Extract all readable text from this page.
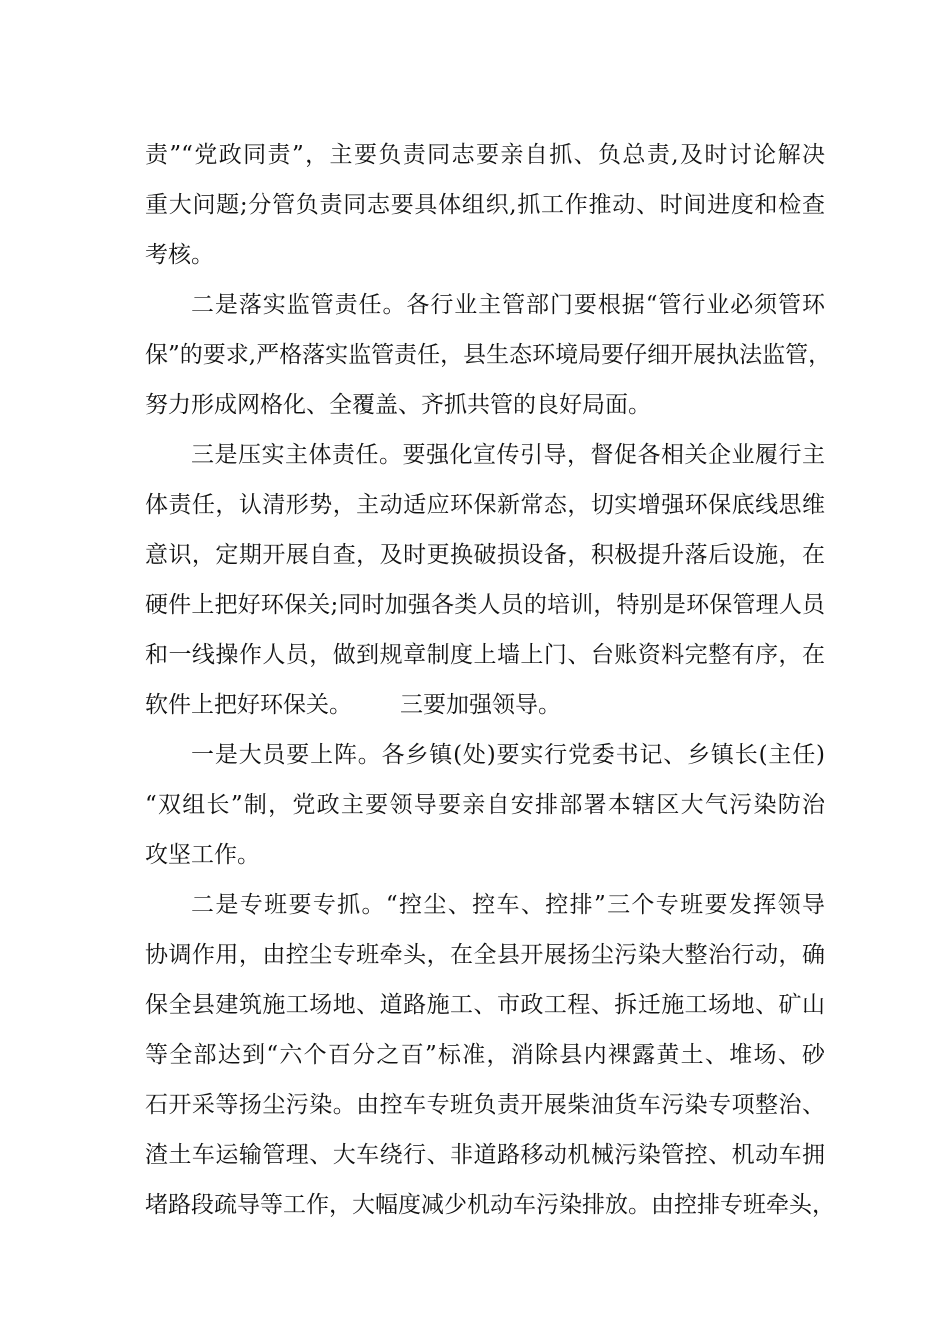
责”“党政同责”，主要负责同志要亲自抓、负总责,及时讨论解决
重大问题;分管负责同志要具体组织,抓工作推动、时间进度和检查
考核。
二是落实监管责任。各行业主管部门要根据“管行业必须管环
保”的要求,严格落实监管责任，县生态环境局要仔细开展执法监管，
努力形成网格化、全覆盖、齐抓共管的良好局面。
三是压实主体责任。要强化宣传引导，督促各相关企业履行主
体责任，认清形势，主动适应环保新常态，切实增强环保底线思维
意识，定期开展自查，及时更换破损设备，积极提升落后设施，在
硬件上把好环保关;同时加强各类人员的培训，特别是环保管理人员
和一线操作人员，做到规章制度上墙上门、台账资料完整有序，在
软件上把好环保关。 三要加强领导。
一是大员要上阵。各乡镇(处)要实行党委书记、乡镇长(主任)
“双组长”制，党政主要领导要亲自安排部署本辖区大气污染防治
攻坚工作。
二是专班要专抓。“控尘、控车、控排”三个专班要发挥领导
协调作用，由控尘专班牵头，在全县开展扬尘污染大整治行动，确
保全县建筑施工场地、道路施工、市政工程、拆迁施工场地、矿山
等全部达到“六个百分之百”标准，消除县内裸露黄土、堆场、砂
石开采等扬尘污染。由控车专班负责开展柴油货车污染专项整治、
渣土车运输管理、大车绕行、非道路移动机械污染管控、机动车拥
堵路段疏导等工作，大幅度减少机动车污染排放。由控排专班牵头，
